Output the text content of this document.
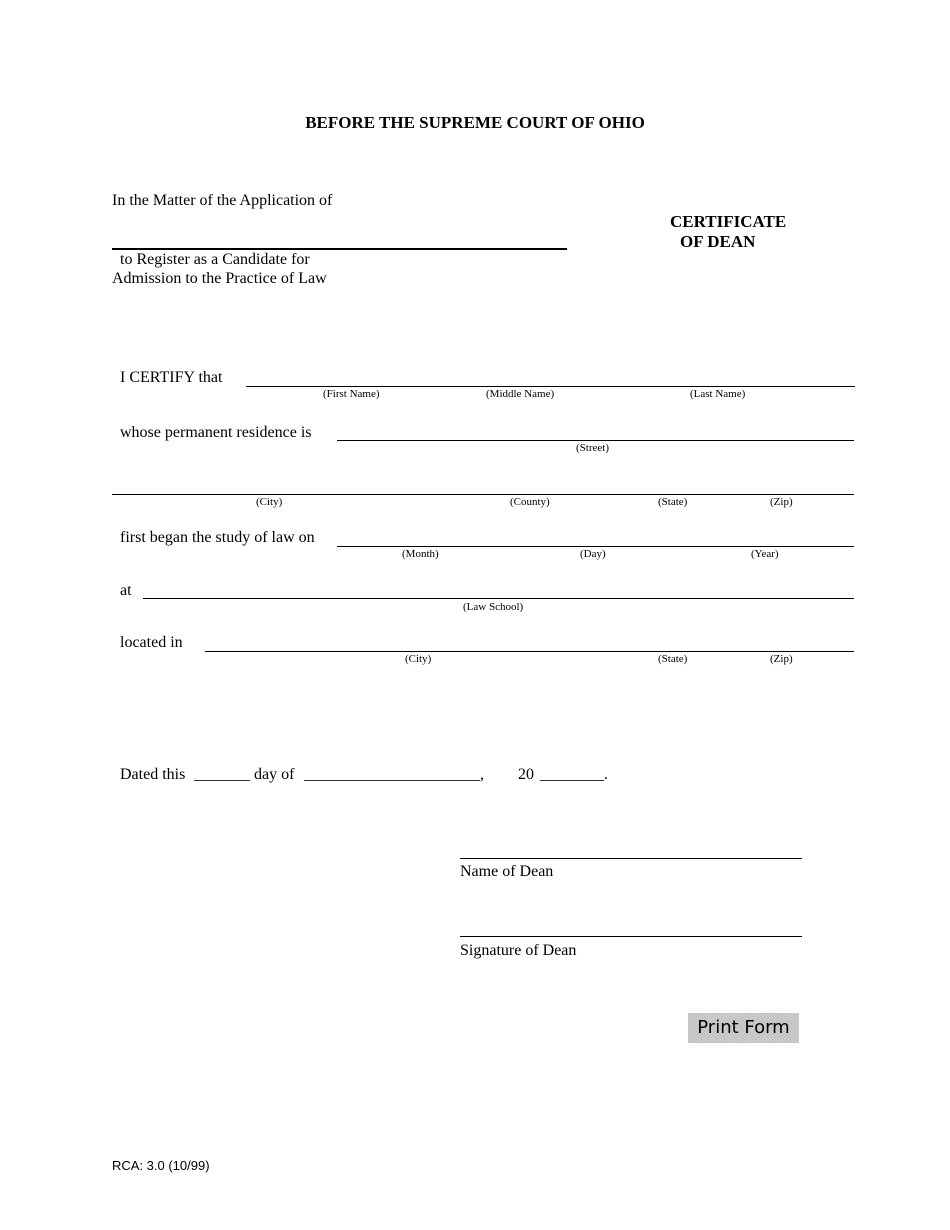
BEFORE THE SUPREME COURT OF OHIO
In the Matter of the Application of
to Register as a Candidate for
Admission to the Practice of Law
CERTIFICATE
OF DEAN
I CERTIFY that
(First Name)	(Middle Name)	(Last Name)
whose permanent residence is
(Street)
(City)	(County)	(State)	(Zip)
first began the study of law on
(Month)	(Day)	(Year)
at
(Law School)
located in
(City)	(State)	(Zip)
Dated this _______ day of ______________________, 20 ________.
Name of Dean
Signature of Dean
Print Form
RCA: 3.0 (10/99)
